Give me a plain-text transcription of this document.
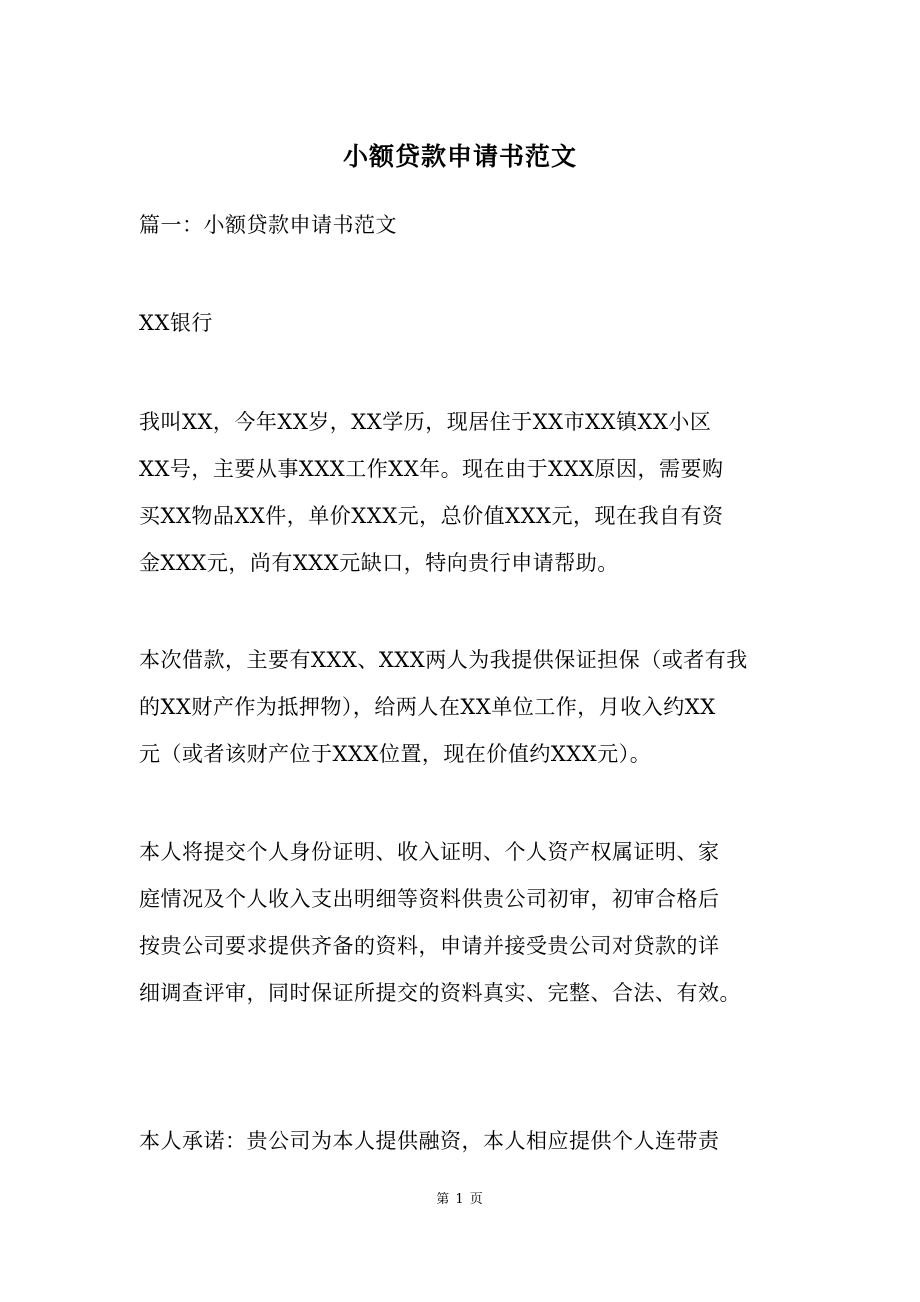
小额贷款申请书范文
篇一：小额贷款申请书范文
XX银行
我叫XX，今年XX岁，XX学历，现居住于XX市XX镇XX小区
XX号，主要从事XXX工作XX年。现在由于XXX原因，需要购
买XX物品XX件，单价XXX元，总价值XXX元，现在我自有资
金XXX元，尚有XXX元缺口，特向贵行申请帮助。
本次借款，主要有XXX、XXX两人为我提供保证担保（或者有我
的XX财产作为抵押物），给两人在XX单位工作，月收入约XX
元（或者该财产位于XXX位置，现在价值约XXX元）。
本人将提交个人身份证明、收入证明、个人资产权属证明、家
庭情况及个人收入支出明细等资料供贵公司初审，初审合格后
按贵公司要求提供齐备的资料，申请并接受贵公司对贷款的详
细调查评审，同时保证所提交的资料真实、完整、合法、有效。
本人承诺：贵公司为本人提供融资，本人相应提供个人连带责
第 1 页
